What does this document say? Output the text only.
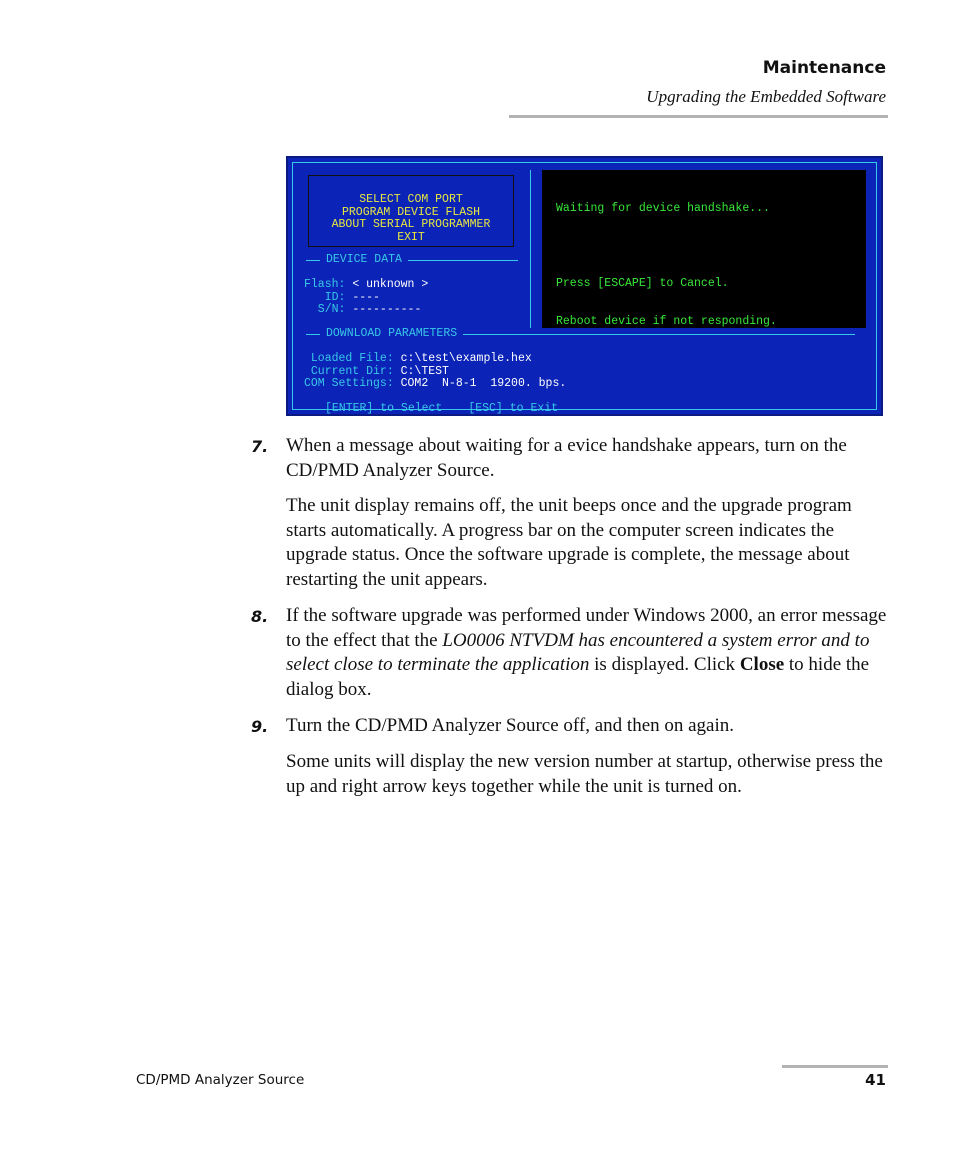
Maintenance
Upgrading the Embedded Software
SELECT COM PORT
PROGRAM DEVICE FLASH
ABOUT SERIAL PROGRAMMER
EXIT
DEVICE DATA
Flash: < unknown >
ID: ----
S/N: ----------
DOWNLOAD PARAMETERS
Loaded File: c:\test\example.hex
Current Dir: C:\TEST
COM Settings: COM2  N-8-1  19200. bps.
[ENTER] to Select	[ESC] to Exit

Waiting for device handshake...

Press [ESCAPE] to Cancel.

Reboot device if not responding.

7. When a message about waiting for a evice handshake appears, turn on the CD/PMD Analyzer Source.
The unit display remains off, the unit beeps once and the upgrade program starts automatically. A progress bar on the computer screen indicates the upgrade status. Once the software upgrade is complete, the message about restarting the unit appears.
8. If the software upgrade was performed under Windows 2000, an error message to the effect that the LO0006 NTVDM has encountered a system error and to select close to terminate the application is displayed. Click Close to hide the dialog box.
9. Turn the CD/PMD Analyzer Source off, and then on again.
Some units will display the new version number at startup, otherwise press the up and right arrow keys together while the unit is turned on.
CD/PMD Analyzer Source	41
